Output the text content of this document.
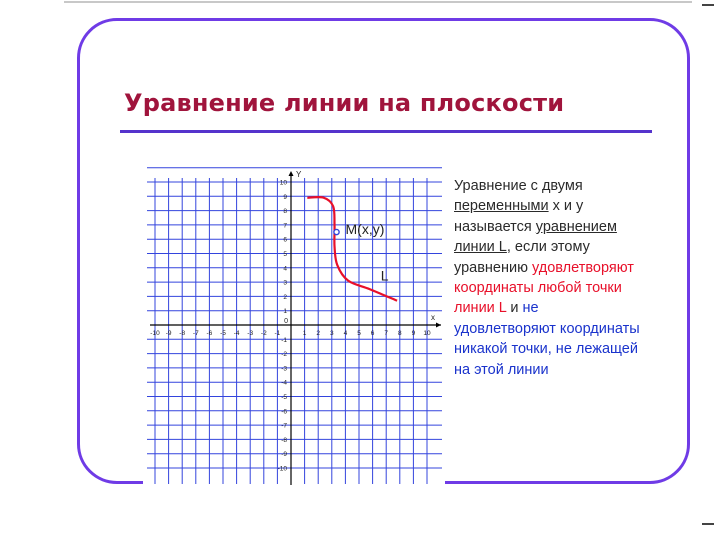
Уравнение линии на плоскости
-10 -9 -8 -7 -6 -5 -4 -3 -2 -1	1 2 3 4 5 6 7 8 9 10
-10
-9
-8
-7
-6
-5
-4
-3
-2
-1
1
2
3
4
5
6
7
8
9
10
M(x,y)
L
x
Y
0

Уравнение с двумя
переменными x и у
называется уравнением
линии L, если этому
уравнению удовлетворяют
координаты любой точки
линии L и не
удовлетворяют координаты
никакой точки, не лежащей
на этой линии
